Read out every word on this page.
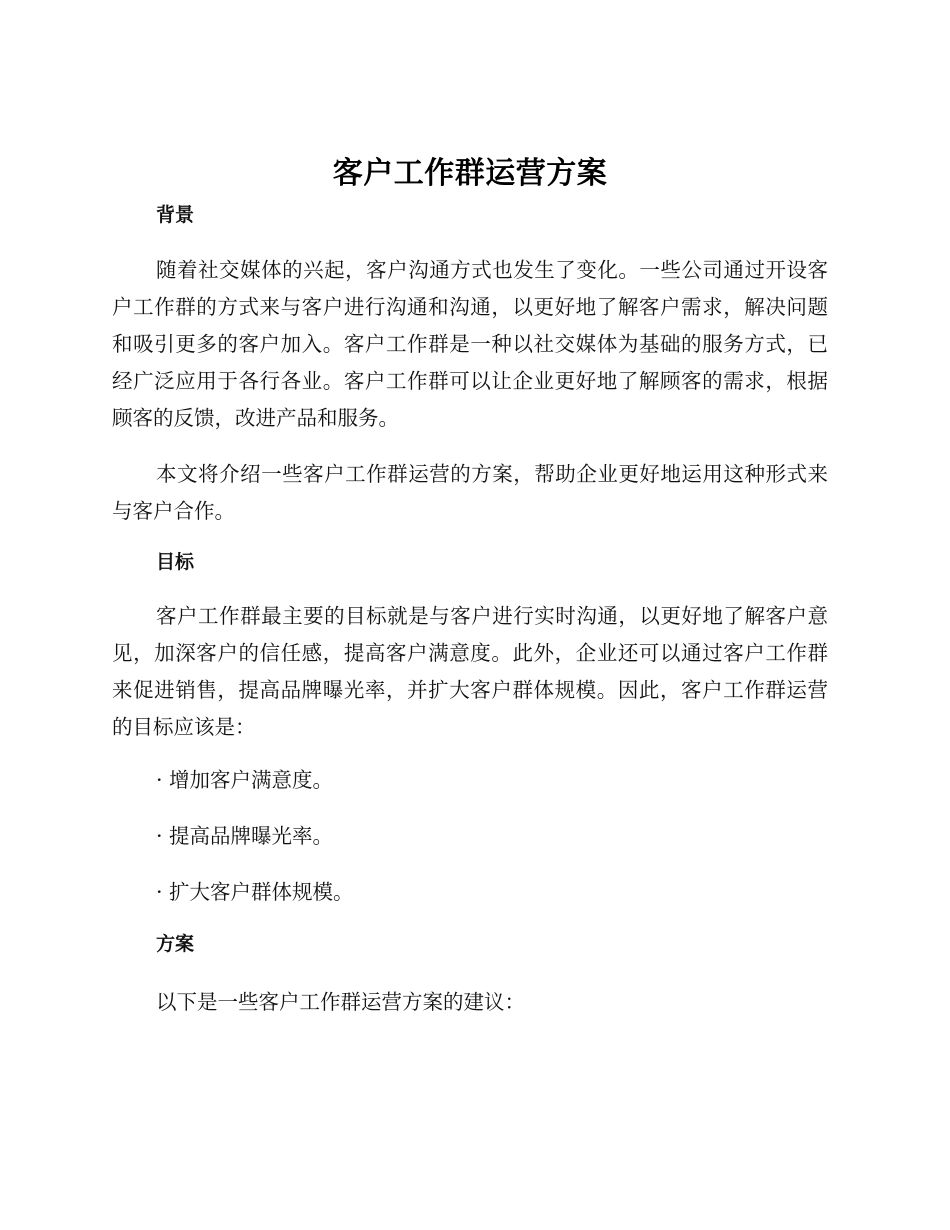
客户工作群运营方案
背景

随着社交媒体的兴起，客户沟通方式也发生了变化。一些公司通过开设客户工作群的方式来与客户进行沟通和沟通，以更好地了解客户需求，解决问题和吸引更多的客户加入。客户工作群是一种以社交媒体为基础的服务方式，已经广泛应用于各行各业。客户工作群可以让企业更好地了解顾客的需求，根据顾客的反馈，改进产品和服务。

本文将介绍一些客户工作群运营的方案，帮助企业更好地运用这种形式来与客户合作。

目标

客户工作群最主要的目标就是与客户进行实时沟通，以更好地了解客户意见，加深客户的信任感，提高客户满意度。此外，企业还可以通过客户工作群来促进销售，提高品牌曝光率，并扩大客户群体规模。因此，客户工作群运营的目标应该是：

· 增加客户满意度。

· 提高品牌曝光率。

· 扩大客户群体规模。

方案

以下是一些客户工作群运营方案的建议：
